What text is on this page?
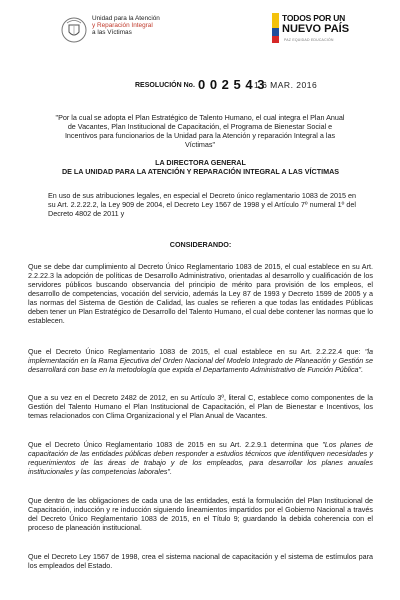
Unidad para la Atención
y Reparación Integral
a las Víctimas
TODOS POR UN
NUEVO PAÍS
PAZ EQUIDAD EDUCACIÓN
RESOLUCIÓN No. 0 0 2 5 4 3
1 6 MAR. 2016
"Por la cual se adopta el Plan Estratégico de Talento Humano, el cual integra el Plan Anual de Vacantes, Plan Institucional de Capacitación, el Programa de Bienestar Social e Incentivos para funcionarios de la Unidad para la Atención y reparación Integral a las Víctimas"
LA DIRECTORA GENERAL
DE LA UNIDAD PARA LA ATENCIÓN Y REPARACIÓN INTEGRAL A LAS VÍCTIMAS
En uso de sus atribuciones legales, en especial el Decreto único reglamentario 1083 de 2015 en su Art. 2.2.22.2, la Ley 909 de 2004, el Decreto Ley 1567 de 1998 y el Artículo 7º numeral 1º del Decreto 4802 de 2011 y
CONSIDERANDO:
Que se debe dar cumplimiento al Decreto Único Reglamentario 1083 de 2015, el cual establece en su Art. 2.2.22.3 la adopción de políticas de Desarrollo Administrativo, orientadas al desarrollo y cualificación de los servidores públicos buscando observancia del principio de mérito para provisión de los empleos, el desarrollo de competencias, vocación del servicio, además la Ley 87 de 1993 y Decreto 1599 de 2005 y a las normas del Sistema de Gestión de Calidad, las cuales se refieren a que todas las entidades Públicas deben tener un Plan Estratégico de Desarrollo del Talento Humano, el cual debe contener las normas que lo establecen.
Que el Decreto Único Reglamentario 1083 de 2015, el cual establece en su Art. 2.2.22.4 que: "la implementación en la Rama Ejecutiva del Orden Nacional del Modelo Integrado de Planeación y Gestión se desarrollará con base en la metodología que expida el Departamento Administrativo de Función Pública".
Que a su vez en el Decreto 2482 de 2012, en su Artículo 3º, literal C, establece como componentes de la Gestión del Talento Humano el Plan Institucional de Capacitación, el Plan de Bienestar e Incentivos, los temas relacionados con Clima Organizacional y el Plan Anual de Vacantes.
Que el Decreto Único Reglamentario 1083 de 2015 en su Art. 2.2.9.1 determina que "Los planes de capacitación de las entidades públicas deben responder a estudios técnicos que identifiquen necesidades y requerimientos de las áreas de trabajo y de los empleados, para desarrollar los planes anuales institucionales y las competencias laborales".
Que dentro de las obligaciones de cada una de las entidades, está la formulación del Plan Institucional de Capacitación, inducción y re inducción siguiendo lineamientos impartidos por el Gobierno Nacional a través del Decreto Único Reglamentario 1083 de 2015, en el Título 9; guardando la debida coherencia con el proceso de planeación institucional.
Que el Decreto Ley 1567 de 1998, crea el sistema nacional de capacitación y el sistema de estímulos para los empleados del Estado.
